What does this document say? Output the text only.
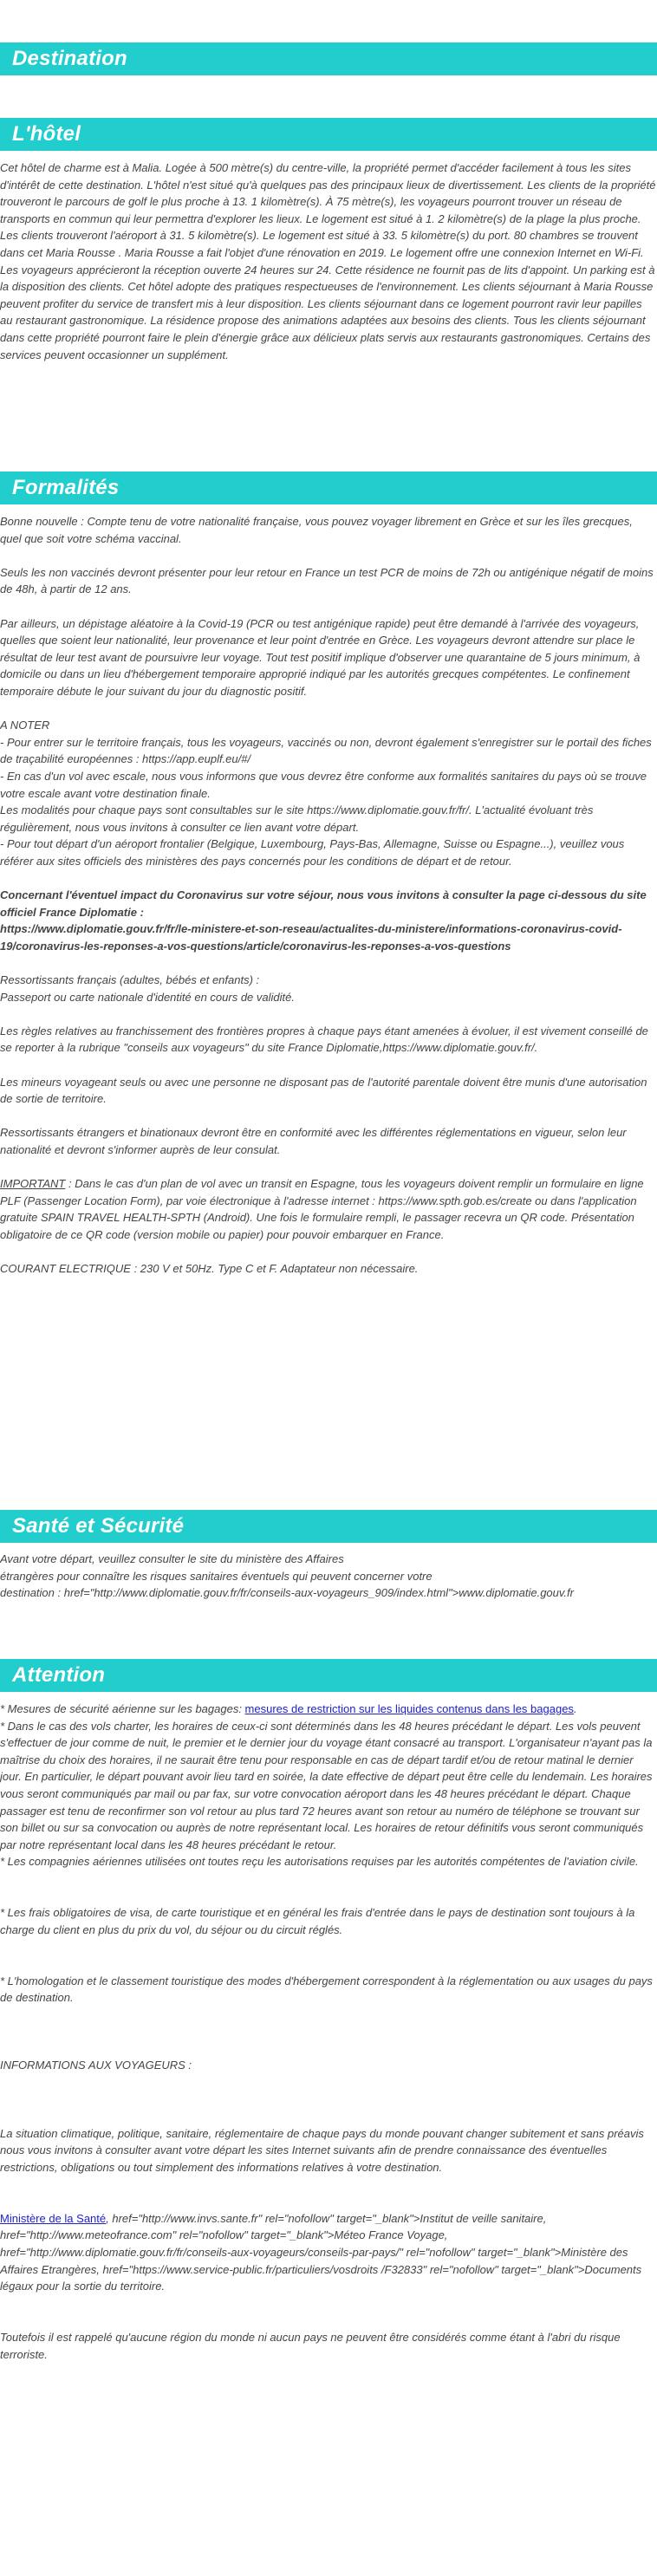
Destination
L'hôtel

Cet hôtel de charme est à Malia. Logée à 500 mètre(s) du centre-ville, la propriété permet d'accéder facilement à tous les sites d'intérêt de cette destination. L'hôtel n'est situé qu'à quelques pas des principaux lieux de divertissement. Les clients de la propriété trouveront le parcours de golf le plus proche à 13. 1 kilomètre(s). À 75 mètre(s), les voyageurs pourront trouver un réseau de transports en commun qui leur permettra d'explorer les lieux. Le logement est situé à 1. 2 kilomètre(s) de la plage la plus proche. Les clients trouveront l'aéroport à 31. 5 kilomètre(s). Le logement est situé à 33. 5 kilomètre(s) du port. 80 chambres se trouvent dans cet Maria Rousse . Maria Rousse a fait l'objet d'une rénovation en 2019. Le logement offre une connexion Internet en Wi-Fi. Les voyageurs apprécieront la réception ouverte 24 heures sur 24. Cette résidence ne fournit pas de lits d'appoint. Un parking est à la disposition des clients. Cet hôtel adopte des pratiques respectueuses de l'environnement. Les clients séjournant à Maria Rousse peuvent profiter du service de transfert mis à leur disposition. Les clients séjournant dans ce logement pourront ravir leur papilles au restaurant gastronomique. La résidence propose des animations adaptées aux besoins des clients. Tous les clients séjournant dans cette propriété pourront faire le plein d'énergie grâce aux délicieux plats servis aux restaurants gastronomiques. Certains des services peuvent occasionner un supplément.

Formalités

Bonne nouvelle : Compte tenu de votre nationalité française, vous pouvez voyager librement en Grèce et sur les îles grecques, quel que soit votre schéma vaccinal.

Seuls les non vaccinés devront présenter pour leur retour en France un test PCR de moins de 72h ou antigénique négatif de moins de 48h, à partir de 12 ans.

Par ailleurs, un dépistage aléatoire à la Covid-19 (PCR ou test antigénique rapide) peut être demandé à l'arrivée des voyageurs, quelles que soient leur nationalité, leur provenance et leur point d'entrée en Grèce. Les voyageurs devront attendre sur place le résultat de leur test avant de poursuivre leur voyage. Tout test positif implique d'observer une quarantaine de 5 jours minimum, à domicile ou dans un lieu d'hébergement temporaire approprié indiqué par les autorités grecques compétentes. Le confinement temporaire débute le jour suivant du jour du diagnostic positif.

A NOTER

- Pour entrer sur le territoire français, tous les voyageurs, vaccinés ou non, devront également s'enregistrer sur le portail des fiches de traçabilité européennes : https://app.euplf.eu/#/

- En cas d'un vol avec escale, nous vous informons que vous devrez être conforme aux formalités sanitaires du pays où se trouve votre escale avant votre destination finale.

Les modalités pour chaque pays sont consultables sur le site https://www.diplomatie.gouv.fr/fr/. L'actualité évoluant très régulièrement, nous vous invitons à consulter ce lien avant votre départ.

- Pour tout départ d'un aéroport frontalier (Belgique, Luxembourg, Pays-Bas, Allemagne, Suisse ou Espagne...), veuillez vous référer aux sites officiels des ministères des pays concernés pour les conditions de départ et de retour.

Concernant l'éventuel impact du Coronavirus sur votre séjour, nous vous invitons à consulter la page ci-dessous du site officiel France Diplomatie :

https://www.diplomatie.gouv.fr/fr/le-ministere-et-son-reseau/actualites-du-ministere/informations-coronavirus-covid-19/coronavirus-les-reponses-a-vos-questions/article/coronavirus-les-reponses-a-vos-questions

Ressortissants français (adultes, bébés et enfants) :

Passeport ou carte nationale d'identité en cours de validité.

Les règles relatives au franchissement des frontières propres à chaque pays étant amenées à évoluer, il est vivement conseillé de se reporter à la rubrique "conseils aux voyageurs" du site France Diplomatie,https://www.diplomatie.gouv.fr/.

Les mineurs voyageant seuls ou avec une personne ne disposant pas de l'autorité parentale doivent être munis d'une autorisation de sortie de territoire.

Ressortissants étrangers et binationaux devront être en conformité avec les différentes réglementations en vigueur, selon leur nationalité et devront s'informer auprès de leur consulat.

IMPORTANT : Dans le cas d'un plan de vol avec un transit en Espagne, tous les voyageurs doivent remplir un formulaire en ligne PLF (Passenger Location Form), par voie électronique à l'adresse internet : https://www.spth.gob.es/create ou dans l'application gratuite SPAIN TRAVEL HEALTH-SPTH (Android). Une fois le formulaire rempli, le passager recevra un QR code. Présentation obligatoire de ce QR code (version mobile ou papier) pour pouvoir embarquer en France.

COURANT ELECTRIQUE : 230 V et 50Hz. Type C et F. Adaptateur non nécessaire.

Santé et Sécurité

Avant votre départ, veuillez consulter le site du ministère des Affaires

étrangères pour connaître les risques sanitaires éventuels qui peuvent concerner votre

destination : href="http://www.diplomatie.gouv.fr/fr/conseils-aux-voyageurs_909/index.html">www.diplomatie.gouv.fr

Attention

* Mesures de sécurité aérienne sur les bagages: mesures de restriction sur les liquides contenus dans les bagages.

* Dans le cas des vols charter, les horaires de ceux-ci sont déterminés dans les 48 heures précédant le départ. Les vols peuvent s'effectuer de jour comme de nuit, le premier et le dernier jour du voyage étant consacré au transport. L'organisateur n'ayant pas la maîtrise du choix des horaires, il ne saurait être tenu pour responsable en cas de départ tardif et/ou de retour matinal le dernier jour. En particulier, le départ pouvant avoir lieu tard en soirée, la date effective de départ peut être celle du lendemain. Les horaires vous seront communiqués par mail ou par fax, sur votre convocation aéroport dans les 48 heures précédant le départ. Chaque passager est tenu de reconfirmer son vol retour au plus tard 72 heures avant son retour au numéro de téléphone se trouvant sur son billet ou sur sa convocation ou auprès de notre représentant local. Les horaires de retour définitifs vous seront communiqués par notre représentant local dans les 48 heures précédant le retour.

* Les compagnies aériennes utilisées ont toutes reçu les autorisations requises par les autorités compétentes de l'aviation civile.

* Les frais obligatoires de visa, de carte touristique et en général les frais d'entrée dans le pays de destination sont toujours à la charge du client en plus du prix du vol, du séjour ou du circuit réglés.

* L'homologation et le classement touristique des modes d'hébergement correspondent à la réglementation ou aux usages du pays de destination.

INFORMATIONS AUX VOYAGEURS :

La situation climatique, politique, sanitaire, réglementaire de chaque pays du monde pouvant changer subitement et sans préavis

nous vous invitons à consulter avant votre départ les sites Internet suivants afin de prendre connaissance des éventuelles restrictions, obligations ou tout simplement des informations relatives à votre destination.

Ministère de la Santé, href="http://www.invs.sante.fr" rel="nofollow" target="_blank">Institut de veille sanitaire, href="http://www.meteofrance.com" rel="nofollow" target="_blank">Méteo France Voyage, href="http://www.diplomatie.gouv.fr/fr/conseils-aux-voyageurs/conseils-par-pays/" rel="nofollow" target="_blank">Ministère des Affaires Etrangères, href="https://www.service-public.fr/particuliers/vosdroits /F32833" rel="nofollow" target="_blank">Documents légaux pour la sortie du territoire.

Toutefois il est rappelé qu'aucune région du monde ni aucun pays ne peuvent être considérés comme étant à l'abri du risque terroriste.
